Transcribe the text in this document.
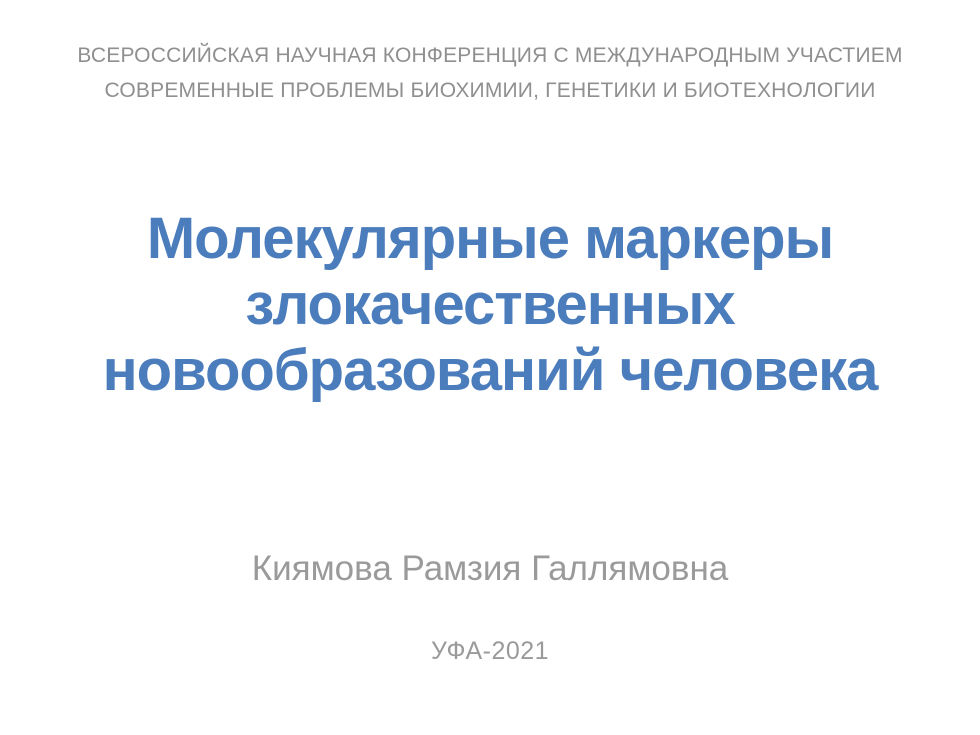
ВСЕРОССИЙСКАЯ НАУЧНАЯ КОНФЕРЕНЦИЯ С МЕЖДУНАРОДНЫМ УЧАСТИЕМ
СОВРЕМЕННЫЕ ПРОБЛЕМЫ БИОХИМИИ, ГЕНЕТИКИ И БИОТЕХНОЛОГИИ
Молекулярные маркеры
злокачественных
новообразований человека
Киямова Рамзия Галлямовна
УФА-2021
